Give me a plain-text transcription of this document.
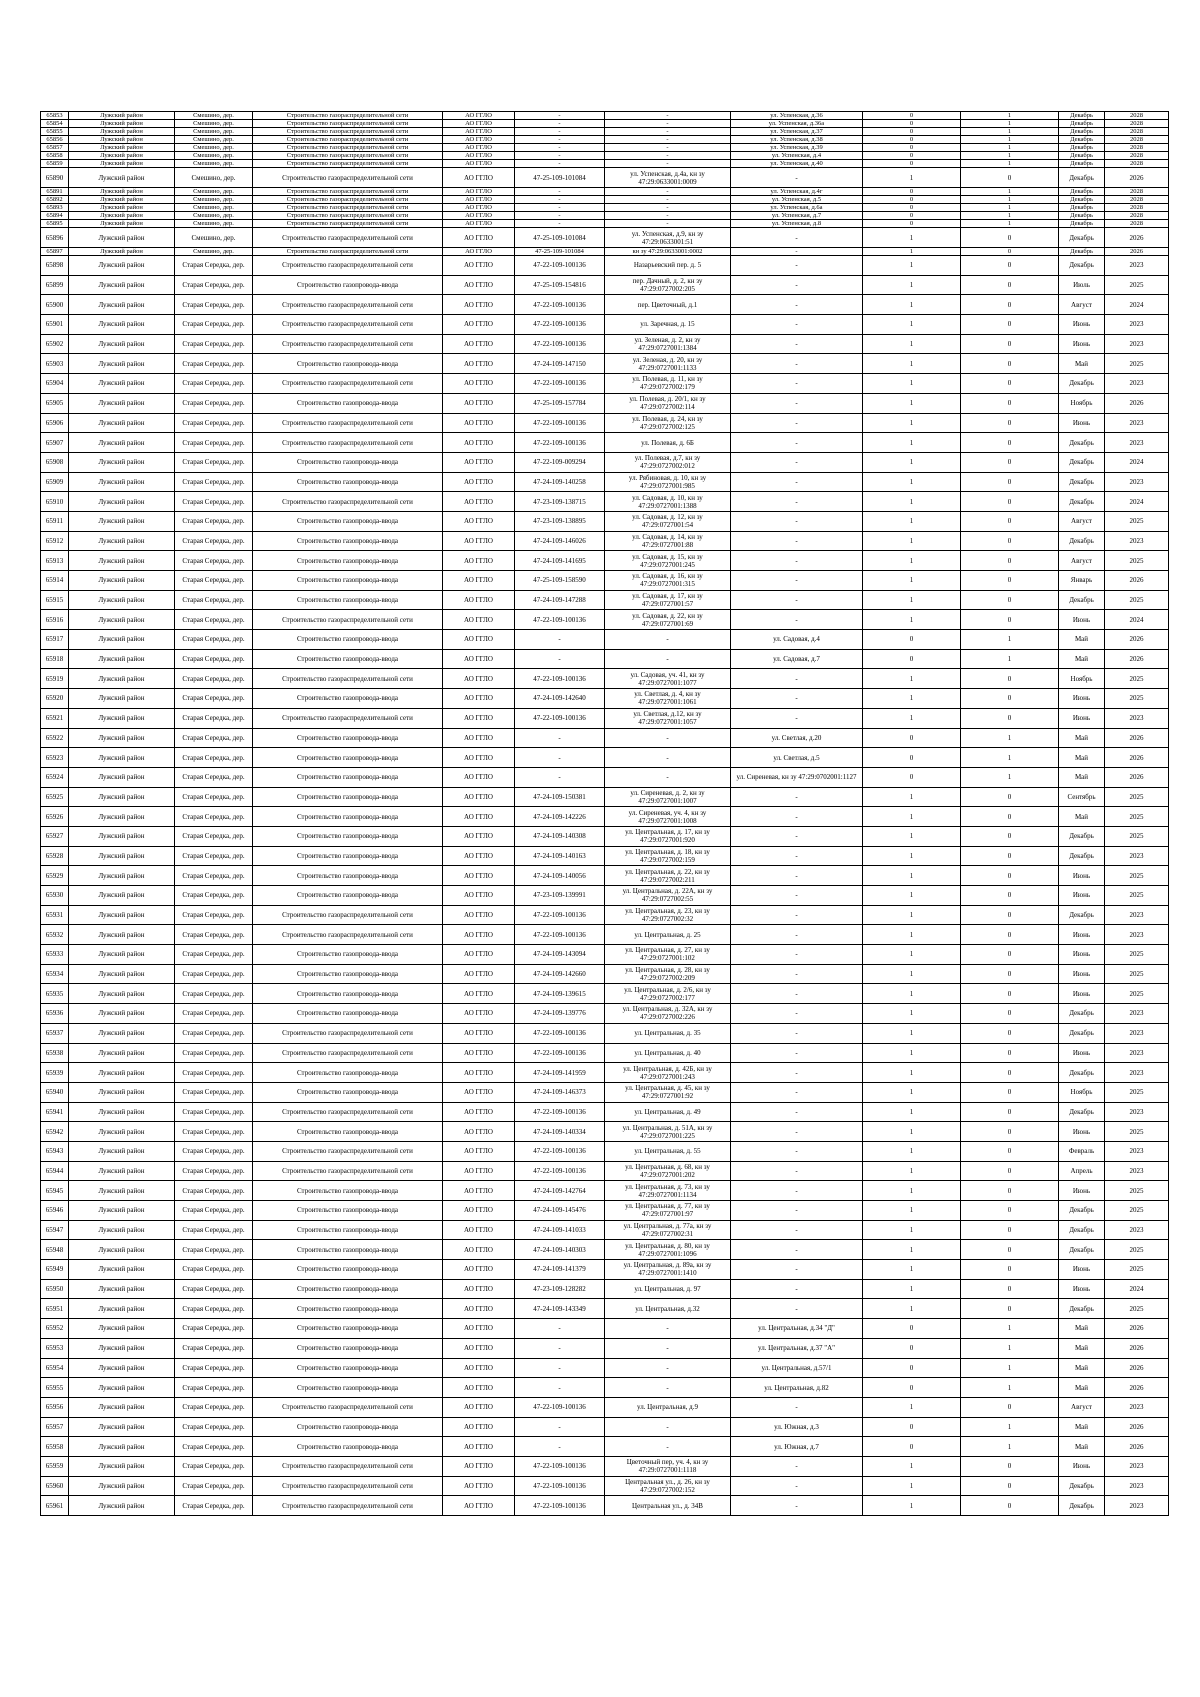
65853	Лужский район	Смешино, дер.	Строительство газораспределительной сети	АО ГГЛО	-	-	ул. Успенская, д.36	0	1	Декабрь	2028
65854	Лужский район	Смешино, дер.	Строительство газораспределительной сети	АО ГГЛО	-	-	ул. Успенская, д.36а	0	1	Декабрь	2028
65855	Лужский район	Смешино, дер.	Строительство газораспределительной сети	АО ГГЛО	-	-	ул. Успенская, д.37	0	1	Декабрь	2028
65856	Лужский район	Смешино, дер.	Строительство газораспределительной сети	АО ГГЛО	-	-	ул. Успенская, д.38	0	1	Декабрь	2028
65857	Лужский район	Смешино, дер.	Строительство газораспределительной сети	АО ГГЛО	-	-	ул. Успенская, д.39	0	1	Декабрь	2028
65858	Лужский район	Смешино, дер.	Строительство газораспределительной сети	АО ГГЛО	-	-	ул. Успенская, д.4	0	1	Декабрь	2028
65859	Лужский район	Смешино, дер.	Строительство газораспределительной сети	АО ГГЛО	-	-	ул. Успенская, д.40	0	1	Декабрь	2028
65890	Лужский район	Смешино, дер.	Строительство газораспределительной сети	АО ГГЛО	47-25-109-101084	ул. Успенская, д.4а, кн зу 47:29:0633001:0009	-	1	0	Декабрь	2026
65891	Лужский район	Смешино, дер.	Строительство газораспределительной сети	АО ГГЛО	-	-	ул. Успенская, д.4г	0	1	Декабрь	2028
65892	Лужский район	Смешино, дер.	Строительство газораспределительной сети	АО ГГЛО	-	-	ул. Успенская, д.5	0	1	Декабрь	2028
65893	Лужский район	Смешино, дер.	Строительство газораспределительной сети	АО ГГЛО	-	-	ул. Успенская, д.6а	0	1	Декабрь	2028
65894	Лужский район	Смешино, дер.	Строительство газораспределительной сети	АО ГГЛО	-	-	ул. Успенская, д.7	0	1	Декабрь	2028
65895	Лужский район	Смешино, дер.	Строительство газораспределительной сети	АО ГГЛО	-	-	ул. Успенская, д.8	0	1	Декабрь	2028
65896	Лужский район	Смешино, дер.	Строительство газораспределительной сети	АО ГГЛО	47-25-109-101084	ул. Успенская, д.9, кн зу 47:29:0633001:51	-	1	0	Декабрь	2026
65897	Лужский район	Смешино, дер.	Строительство газораспределительной сети	АО ГГЛО	47-25-109-101084	кн зу 47:29:0633001:0002	-	1	0	Декабрь	2026
65898	Лужский район	Старая Середка, дер.	Строительство газораспределительной сети	АО ГГЛО	47-22-109-100136	Назарьевский пер. д. 5	-	1	0	Декабрь	2023
65899	Лужский район	Старая Середка, дер.	Строительство газопровода-ввода	АО ГГЛО	47-25-109-154816	пер. Дачный, д. 2, кн зу 47:29:0727002:205	-	1	0	Июль	2025
65900	Лужский район	Старая Середка, дер.	Строительство газораспределительной сети	АО ГГЛО	47-22-109-100136	пер. Цветочный, д.1	-	1	0	Август	2024
65901	Лужский район	Старая Середка, дер.	Строительство газораспределительной сети	АО ГГЛО	47-22-109-100136	ул. Заречная, д. 15	-	1	0	Июнь	2023
65902	Лужский район	Старая Середка, дер.	Строительство газораспределительной сети	АО ГГЛО	47-22-109-100136	ул. Зеленая, д. 2, кн зу 47:29:0727001:1384	-	1	0	Июнь	2023
65903	Лужский район	Старая Середка, дер.	Строительство газопровода-ввода	АО ГГЛО	47-24-109-147150	ул. Зеленая, д. 20, кн зу 47:29:0727001:1133	-	1	0	Май	2025
65904	Лужский район	Старая Середка, дер.	Строительство газораспределительной сети	АО ГГЛО	47-22-109-100136	ул. Полевая, д. 11, кн зу 47:29:0727002:179	-	1	0	Декабрь	2023
65905	Лужский район	Старая Середка, дер.	Строительство газопровода-ввода	АО ГГЛО	47-25-109-157784	ул. Полевая, д. 20/1, кн зу 47:29:0727002:114	-	1	0	Ноябрь	2026
65906	Лужский район	Старая Середка, дер.	Строительство газораспределительной сети	АО ГГЛО	47-22-109-100136	ул. Полевая, д. 24, кн зу 47:29:0727002:125	-	1	0	Июнь	2023
65907	Лужский район	Старая Середка, дер.	Строительство газораспределительной сети	АО ГГЛО	47-22-109-100136	ул. Полевая, д. 6Б	-	1	0	Декабрь	2023
65908	Лужский район	Старая Середка, дер.	Строительство газопровода-ввода	АО ГГЛО	47-22-109-009294	ул. Полевая, д.7, кн зу 47:29:0727002:012	-	1	0	Декабрь	2024
65909	Лужский район	Старая Середка, дер.	Строительство газопровода-ввода	АО ГГЛО	47-24-109-140258	ул. Рябиновая, д. 10, кн зу 47:29:0727001:985	-	1	0	Декабрь	2023
65910	Лужский район	Старая Середка, дер.	Строительство газораспределительной сети	АО ГГЛО	47-23-109-138715	ул. Садовая, д. 10, кн зу 47:29:0727001:1388	-	1	0	Декабрь	2024
65911	Лужский район	Старая Середка, дер.	Строительство газопровода-ввода	АО ГГЛО	47-23-109-138895	ул. Садовая, д. 12, кн зу 47:29:0727001:54	-	1	0	Август	2025
65912	Лужский район	Старая Середка, дер.	Строительство газопровода-ввода	АО ГГЛО	47-24-109-146026	ул. Садовая, д. 14, кн зу 47:29:0727001:88	-	1	0	Декабрь	2023
65913	Лужский район	Старая Середка, дер.	Строительство газопровода-ввода	АО ГГЛО	47-24-109-141695	ул. Садовая, д. 15, кн зу 47:29:0727001:245	-	1	0	Август	2025
65914	Лужский район	Старая Середка, дер.	Строительство газопровода-ввода	АО ГГЛО	47-25-109-158590	ул. Садовая, д. 16, кн зу 47:29:0727001:315	-	1	0	Январь	2026
65915	Лужский район	Старая Середка, дер.	Строительство газопровода-ввода	АО ГГЛО	47-24-109-147288	ул. Садовая, д. 17, кн зу 47:29:0727001:57	-	1	0	Декабрь	2025
65916	Лужский район	Старая Середка, дер.	Строительство газораспределительной сети	АО ГГЛО	47-22-109-100136	ул. Садовая, д. 22, кн зу 47:29:0727001:69	-	1	0	Июнь	2024
65917	Лужский район	Старая Середка, дер.	Строительство газопровода-ввода	АО ГГЛО	-	-	ул. Садовая, д.4	0	1	Май	2026
65918	Лужский район	Старая Середка, дер.	Строительство газопровода-ввода	АО ГГЛО	-	-	ул. Садовая, д.7	0	1	Май	2026
65919	Лужский район	Старая Середка, дер.	Строительство газораспределительной сети	АО ГГЛО	47-22-109-100136	ул. Садовая, уч. 41, кн зу 47:29:0727001:1077	-	1	0	Ноябрь	2025
65920	Лужский район	Старая Середка, дер.	Строительство газопровода-ввода	АО ГГЛО	47-24-109-142640	ул. Светлая, д. 4, кн зу 47:29:0727001:1061	-	1	0	Июнь	2025
65921	Лужский район	Старая Середка, дер.	Строительство газораспределительной сети	АО ГГЛО	47-22-109-100136	ул. Светлая, д.12, кн зу 47:29:0727001:1057	-	1	0	Июнь	2023
65922	Лужский район	Старая Середка, дер.	Строительство газопровода-ввода	АО ГГЛО	-	-	ул. Светлая, д.20	0	1	Май	2026
65923	Лужский район	Старая Середка, дер.	Строительство газопровода-ввода	АО ГГЛО	-	-	ул. Светлая, д.5	0	1	Май	2026
65924	Лужский район	Старая Середка, дер.	Строительство газопровода-ввода	АО ГГЛО	-	-	ул. Сиреневая, кн зу 47:29:0702001:1127	0	1	Май	2026
65925	Лужский район	Старая Середка, дер.	Строительство газопровода-ввода	АО ГГЛО	47-24-109-150381	ул. Сиреневая, д. 2, кн зу 47:29:0727001:1007	-	1	0	Сентябрь	2025
65926	Лужский район	Старая Середка, дер.	Строительство газопровода-ввода	АО ГГЛО	47-24-109-142226	ул. Сиреневая, уч. 4, кн зу 47:29:0727001:1008	-	1	0	Май	2025
65927	Лужский район	Старая Середка, дер.	Строительство газопровода-ввода	АО ГГЛО	47-24-109-140308	ул. Центральная, д. 17, кн зу 47:29:0727001:920	-	1	0	Декабрь	2025
65928	Лужский район	Старая Середка, дер.	Строительство газопровода-ввода	АО ГГЛО	47-24-109-140163	ул. Центральная, д. 18, кн зу 47:29:0727002:159	-	1	0	Декабрь	2023
65929	Лужский район	Старая Середка, дер.	Строительство газопровода-ввода	АО ГГЛО	47-24-109-140056	ул. Центральная, д. 22, кн зу 47:29:0727002:211	-	1	0	Июнь	2025
65930	Лужский район	Старая Середка, дер.	Строительство газопровода-ввода	АО ГГЛО	47-23-109-139991	ул. Центральная, д. 22А, кн зу 47:29:0727002:55	-	1	0	Июнь	2025
65931	Лужский район	Старая Середка, дер.	Строительство газораспределительной сети	АО ГГЛО	47-22-109-100136	ул. Центральная, д. 23, кн зу 47:29:0727002:32	-	1	0	Декабрь	2023
65932	Лужский район	Старая Середка, дер.	Строительство газораспределительной сети	АО ГГЛО	47-22-109-100136	ул. Центральная, д. 25	-	1	0	Июнь	2023
65933	Лужский район	Старая Середка, дер.	Строительство газопровода-ввода	АО ГГЛО	47-24-109-143094	ул. Центральная, д. 27, кн зу 47:29:0727001:102	-	1	0	Июнь	2025
65934	Лужский район	Старая Середка, дер.	Строительство газопровода-ввода	АО ГГЛО	47-24-109-142660	ул. Центральная, д. 28, кн зу 47:29:0727002:209	-	1	0	Июнь	2025
65935	Лужский район	Старая Середка, дер.	Строительство газопровода-ввода	АО ГГЛО	47-24-109-139615	ул. Центральная, д. 2/6, кн зу 47:29:0727002:177	-	1	0	Июнь	2025
65936	Лужский район	Старая Середка, дер.	Строительство газопровода-ввода	АО ГГЛО	47-24-109-139776	ул. Центральная, д. 32А, кн зу 47:29:0727002:226	-	1	0	Декабрь	2023
65937	Лужский район	Старая Середка, дер.	Строительство газораспределительной сети	АО ГГЛО	47-22-109-100136	ул. Центральная, д. 35	-	1	0	Декабрь	2023
65938	Лужский район	Старая Середка, дер.	Строительство газораспределительной сети	АО ГГЛО	47-22-109-100136	ул. Центральная, д. 40	-	1	0	Июнь	2023
65939	Лужский район	Старая Середка, дер.	Строительство газопровода-ввода	АО ГГЛО	47-24-109-141959	ул. Центральная, д. 42Б, кн зу 47:29:0727001:243	-	1	0	Декабрь	2023
65940	Лужский район	Старая Середка, дер.	Строительство газопровода-ввода	АО ГГЛО	47-24-109-146373	ул. Центральная, д. 45, кн зу 47:29:0727001:92	-	1	0	Ноябрь	2025
65941	Лужский район	Старая Середка, дер.	Строительство газораспределительной сети	АО ГГЛО	47-22-109-100136	ул. Центральная, д. 49	-	1	0	Декабрь	2023
65942	Лужский район	Старая Середка, дер.	Строительство газопровода-ввода	АО ГГЛО	47-24-109-140334	ул. Центральная, д. 51А, кн зу 47:29:0727001:225	-	1	0	Июнь	2025
65943	Лужский район	Старая Середка, дер.	Строительство газораспределительной сети	АО ГГЛО	47-22-109-100136	ул. Центральная, д. 55	-	1	0	Февраль	2023
65944	Лужский район	Старая Середка, дер.	Строительство газораспределительной сети	АО ГГЛО	47-22-109-100136	ул. Центральная, д. 68, кн зу 47:29:0727001:202	-	1	0	Апрель	2023
65945	Лужский район	Старая Середка, дер.	Строительство газопровода-ввода	АО ГГЛО	47-24-109-142764	ул. Центральная, д. 73, кн зу 47:29:0727001:1134	-	1	0	Июнь	2025
65946	Лужский район	Старая Середка, дер.	Строительство газопровода-ввода	АО ГГЛО	47-24-109-145476	ул. Центральная, д. 77, кн зу 47:29:0727001:97	-	1	0	Декабрь	2025
65947	Лужский район	Старая Середка, дер.	Строительство газопровода-ввода	АО ГГЛО	47-24-109-141033	ул. Центральная, д. 77а, кн зу 47:29:0727002:31	-	1	0	Декабрь	2023
65948	Лужский район	Старая Середка, дер.	Строительство газопровода-ввода	АО ГГЛО	47-24-109-140303	ул. Центральная, д. 80, кн зу 47:29:0727001:1096	-	1	0	Декабрь	2025
65949	Лужский район	Старая Середка, дер.	Строительство газопровода-ввода	АО ГГЛО	47-24-109-141379	ул. Центральная, д. 89а, кн зу 47:29:0727001:1410	-	1	0	Июнь	2025
65950	Лужский район	Старая Середка, дер.	Строительство газопровода-ввода	АО ГГЛО	47-23-109-128282	ул. Центральная, д. 97	-	1	0	Июнь	2024
65951	Лужский район	Старая Середка, дер.	Строительство газопровода-ввода	АО ГГЛО	47-24-109-143349	ул. Центральная, д.32	-	1	0	Декабрь	2025
65952	Лужский район	Старая Середка, дер.	Строительство газопровода-ввода	АО ГГЛО	-	-	ул. Центральная, д.34 "Д"	0	1	Май	2026
65953	Лужский район	Старая Середка, дер.	Строительство газопровода-ввода	АО ГГЛО	-	-	ул. Центральная, д.37 "А"	0	1	Май	2026
65954	Лужский район	Старая Середка, дер.	Строительство газопровода-ввода	АО ГГЛО	-	-	ул. Центральная, д.57/1	0	1	Май	2026
65955	Лужский район	Старая Середка, дер.	Строительство газопровода-ввода	АО ГГЛО	-	-	ул. Центральная, д.82	0	1	Май	2026
65956	Лужский район	Старая Середка, дер.	Строительство газораспределительной сети	АО ГГЛО	47-22-109-100136	ул. Центральная, д.9	-	1	0	Август	2023
65957	Лужский район	Старая Середка, дер.	Строительство газопровода-ввода	АО ГГЛО	-	-	ул. Южная, д.3	0	1	Май	2026
65958	Лужский район	Старая Середка, дер.	Строительство газопровода-ввода	АО ГГЛО	-	-	ул. Южная, д.7	0	1	Май	2026
65959	Лужский район	Старая Середка, дер.	Строительство газораспределительной сети	АО ГГЛО	47-22-109-100136	Цветочный пер, уч. 4, кн зу 47:29:0727001:1118	-	1	0	Июнь	2023
65960	Лужский район	Старая Середка, дер.	Строительство газораспределительной сети	АО ГГЛО	47-22-109-100136	Центральная ул., д. 26, кн зу 47:29:0727002:152	-	1	0	Декабрь	2023
65961	Лужский район	Старая Середка, дер.	Строительство газораспределительной сети	АО ГГЛО	47-22-109-100136	Центральная ул., д. 34В	-	1	0	Декабрь	2023
